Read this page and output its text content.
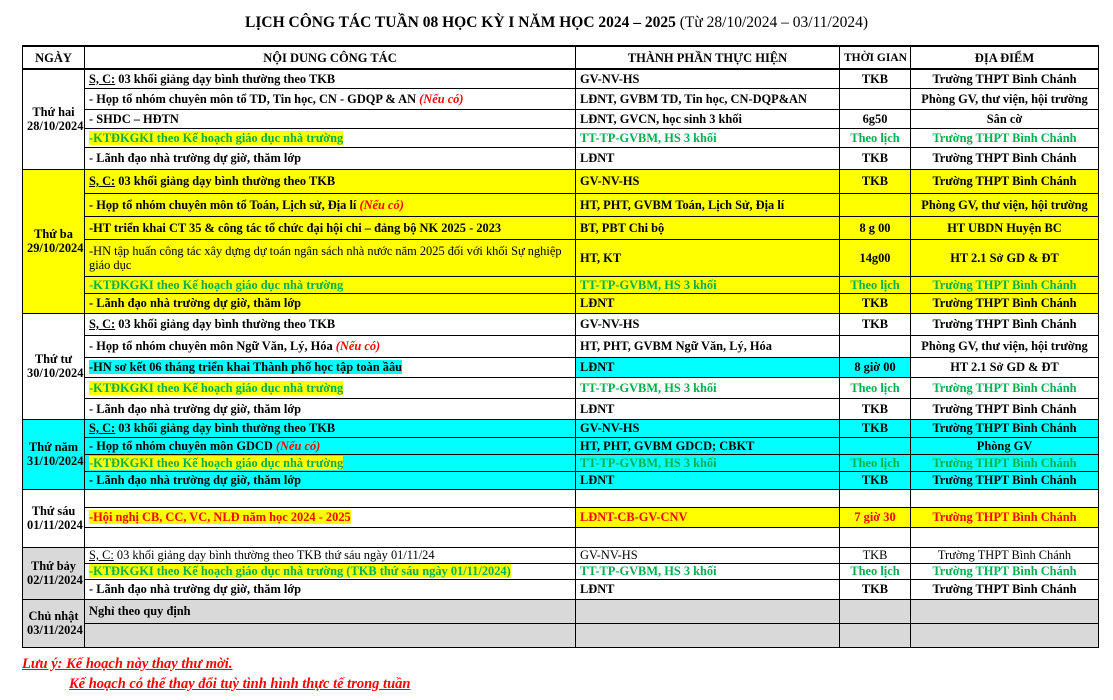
LỊCH CÔNG TÁC TUẦN 08 HỌC KỲ I NĂM HỌC 2024 – 2025 (Từ 28/10/2024 – 03/11/2024)
NGÀY	NỘI DUNG CÔNG TÁC	THÀNH PHẦN THỰC HIỆN	THỜI GIAN	ĐỊA ĐIỂM
Thứ hai
28/10/2024	S, C: 03 khối giảng dạy bình thường theo TKB	GV-NV-HS	TKB	Trường THPT Bình Chánh
	- Họp tổ nhóm chuyên môn tổ TD, Tin học, CN - GDQP & AN (Nếu có)	LĐNT, GVBM TD, Tin học, CN-DQP&AN		Phòng GV, thư viện, hội trường
	- SHDC – HĐTN	LĐNT, GVCN, học sinh 3 khối	6g50	Sân cờ
	-KTĐKGKI theo Kế hoạch giáo dục nhà trường	TT-TP-GVBM, HS 3 khối	Theo lịch	Trường THPT Bình Chánh
	- Lãnh đạo nhà trường dự giờ, thăm lớp	LĐNT	TKB	Trường THPT Bình Chánh
Thứ ba
29/10/2024	S, C: 03 khối giảng dạy bình thường theo TKB	GV-NV-HS	TKB	Trường THPT Bình Chánh
	- Họp tổ nhóm chuyên môn tổ Toán, Lịch sử, Địa lí (Nếu có)	HT, PHT, GVBM Toán, Lịch Sử, Địa lí		Phòng GV, thư viện, hội trường
	-HT triển khai CT 35 & công tác tổ chức đại hội chi – đảng bộ NK 2025 - 2023	BT, PBT Chi bộ	8 g 00	HT UBDN Huyện BC
	-HN tập huấn công tác xây dựng dự toán ngân sách nhà nước năm 2025 đối với khối Sự nghiệp giáo dục	HT, KT	14g00	HT 2.1 Sở GD & ĐT
	-KTĐKGKI theo Kế hoạch giáo dục nhà trường	TT-TP-GVBM, HS 3 khối	Theo lịch	Trường THPT Bình Chánh
	- Lãnh đạo nhà trường dự giờ, thăm lớp	LĐNT	TKB	Trường THPT Bình Chánh
Thứ tư
30/10/2024	S, C: 03 khối giảng dạy bình thường theo TKB	GV-NV-HS	TKB	Trường THPT Bình Chánh
	- Họp tổ nhóm chuyên môn Ngữ Văn, Lý, Hóa (Nếu có)	HT, PHT, GVBM Ngữ Văn, Lý, Hóa		Phòng GV, thư viện, hội trường
	-HN sơ kết 06 tháng triển khai Thành phố học tập toàn ầâu	LĐNT	8 giờ 00	HT 2.1 Sở GD & ĐT
	-KTĐKGKI theo Kế hoạch giáo dục nhà trường	TT-TP-GVBM, HS 3 khối	Theo lịch	Trường THPT Bình Chánh
	- Lãnh đạo nhà trường dự giờ, thăm lớp	LĐNT	TKB	Trường THPT Bình Chánh
Thứ năm
31/10/2024	S, C: 03 khối giảng dạy bình thường theo TKB	GV-NV-HS	TKB	Trường THPT Bình Chánh
	- Họp tổ nhóm chuyên môn GDCD (Nếu có)	HT, PHT, GVBM GDCD; CBKT		Phòng GV
	-KTĐKGKI theo Kế hoạch giáo dục nhà trường	TT-TP-GVBM, HS 3 khối	Theo lịch	Trường THPT Bình Chánh
	- Lãnh đạo nhà trường dự giờ, thăm lớp	LĐNT	TKB	Trường THPT Bình Chánh
Thứ sáu
01/11/2024				
	-Hội nghị CB, CC, VC, NLĐ năm học 2024 - 2025	LĐNT-CB-GV-CNV	7 giờ 30	Trường THPT Bình Chánh

Thứ bảy
02/11/2024	S, C: 03 khối giảng dạy bình thường theo TKB thứ sáu ngày 01/11/24	GV-NV-HS	TKB	Trường THPT Bình Chánh
	-KTĐKGKI theo Kế hoạch giáo dục nhà trường (TKB thứ sáu ngày 01/11/2024)	TT-TP-GVBM, HS 3 khối	Theo lịch	Trường THPT Bình Chánh
	- Lãnh đạo nhà trường dự giờ, thăm lớp	LĐNT	TKB	Trường THPT Bình Chánh
Chủ nhật
03/11/2024	Nghỉ theo quy định			

Lưu ý: Kế hoạch này thay thư mời.
Kế hoạch có thể thay đổi tuỳ tình hình thực tế trong tuần
